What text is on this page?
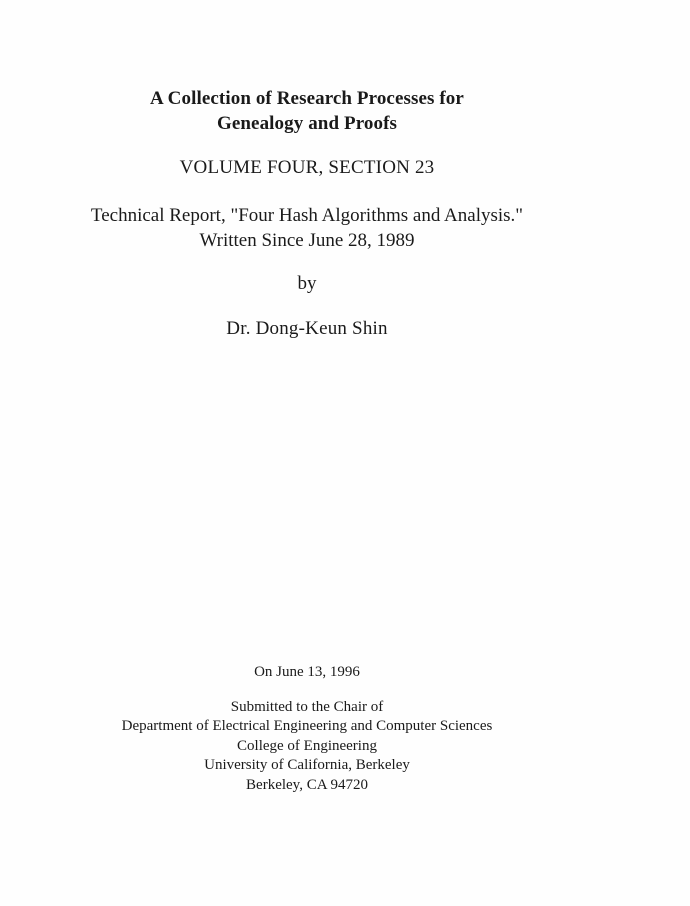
A Collection of Research Processes for
Genealogy and Proofs
VOLUME FOUR, SECTION 23
Technical Report, "Four Hash Algorithms and Analysis."
Written Since June 28, 1989
by
Dr. Dong-Keun Shin
On June 13, 1996
Submitted to the Chair of
Department of Electrical Engineering and Computer Sciences
College of Engineering
University of California, Berkeley
Berkeley, CA 94720
